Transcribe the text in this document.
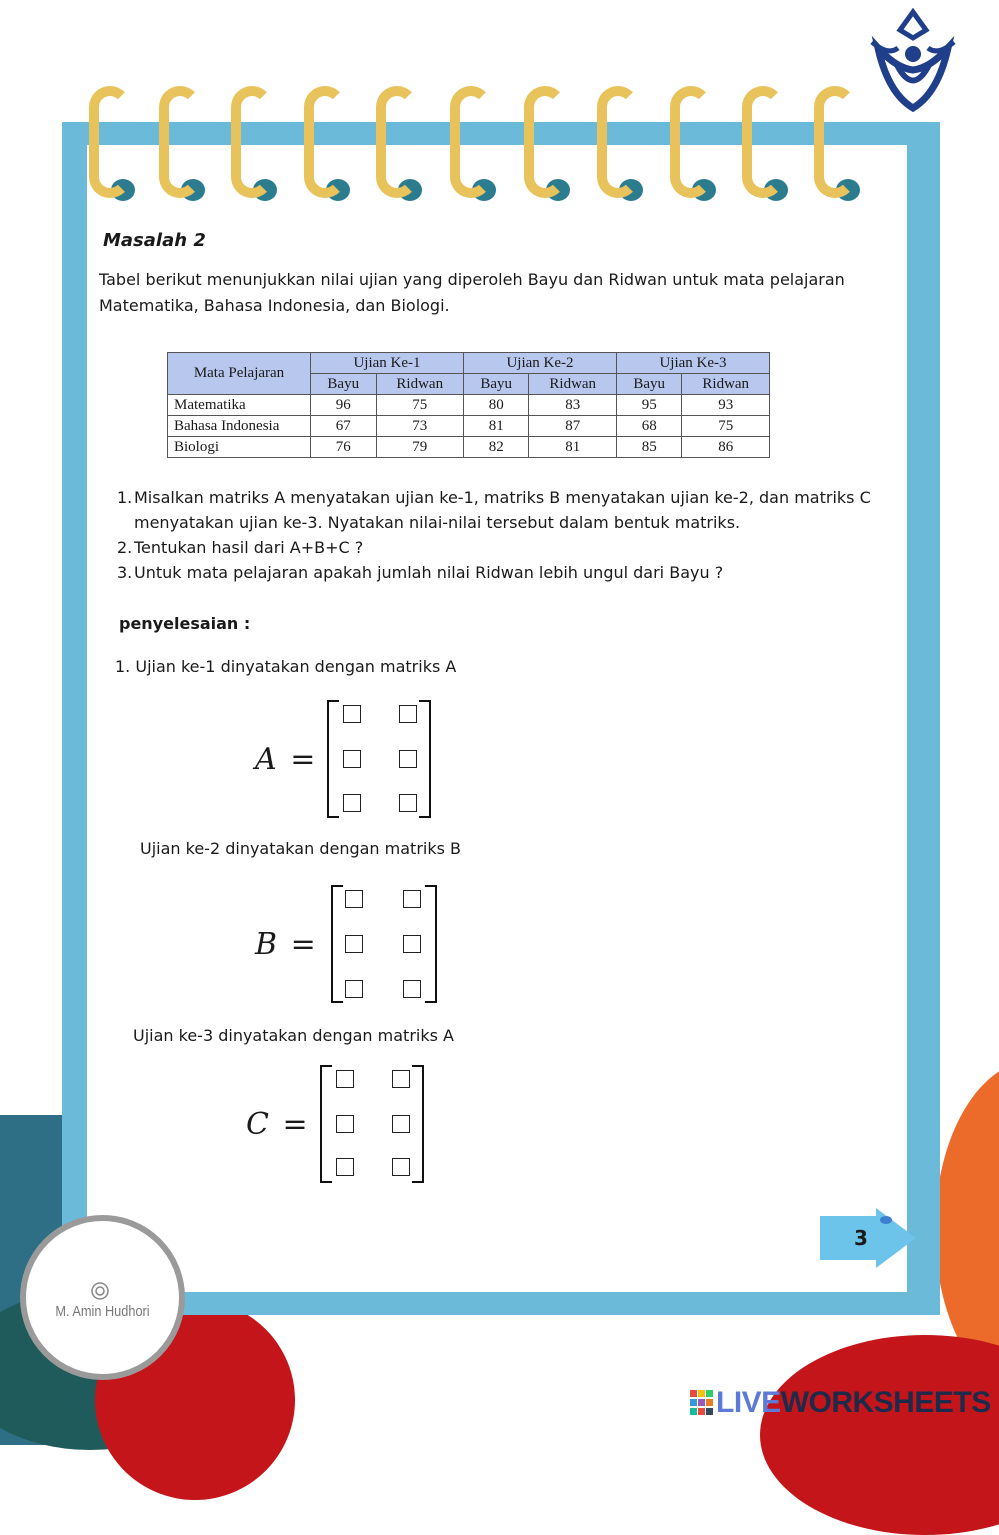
Masalah 2
Tabel berikut menunjukkan nilai ujian yang diperoleh Bayu dan Ridwan untuk mata pelajaran Matematika, Bahasa Indonesia, dan Biologi.
Mata Pelajaran	Ujian Ke-1		Ujian Ke-2		Ujian Ke-3	
	Bayu	Ridwan	Bayu	Ridwan	Bayu	Ridwan
Matematika	96	75	80	83	95	93
Bahasa Indonesia	67	73	81	87	68	75
Biologi	76	79	82	81	85	86
1. Misalkan matriks A menyatakan ujian ke-1, matriks B menyatakan ujian ke-2, dan matriks C menyatakan ujian ke-3. Nyatakan nilai-nilai tersebut dalam bentuk matriks.
2. Tentukan hasil dari A+B+C ?
3. Untuk mata pelajaran apakah jumlah nilai Ridwan lebih ungul dari Bayu ?
penyelesaian :
1. Ujian ke-1 dinyatakan dengan matriks A
A =
Ujian ke-2 dinyatakan dengan matriks B
B =
Ujian ke-3 dinyatakan dengan matriks A
C =
3
M. Amin Hudhori
LIVEWORKSHEETS
